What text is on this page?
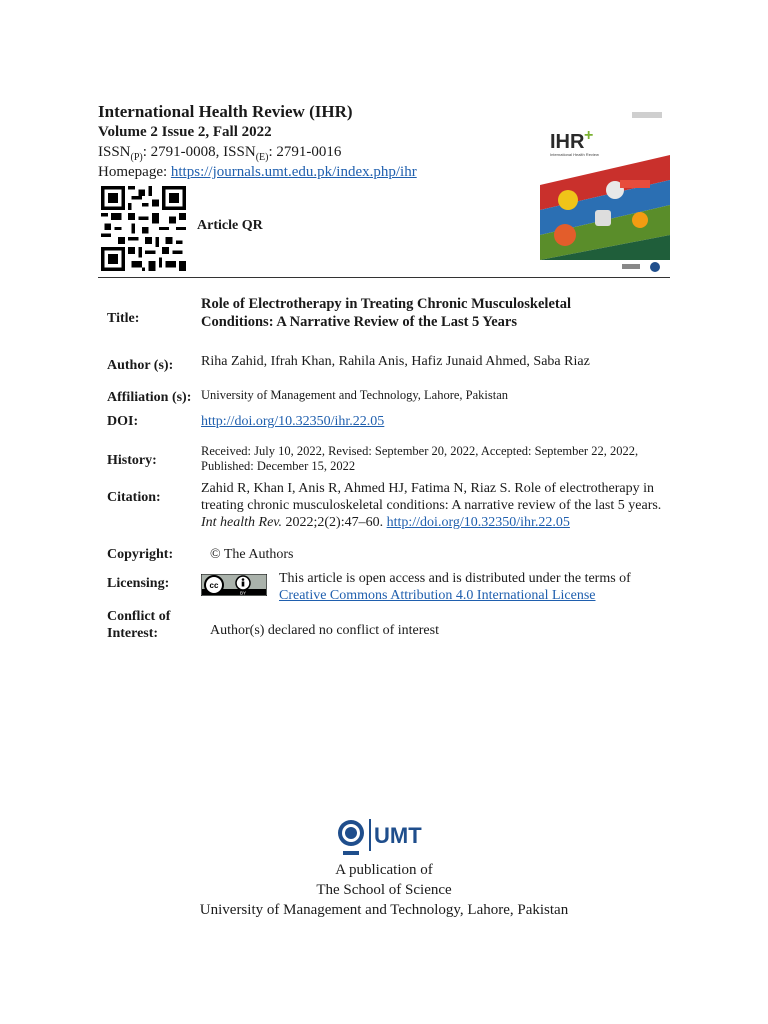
International Health Review (IHR)
Volume 2 Issue 2, Fall 2022
$ISSN_{(P)}$: 2791-0008, $ISSN_{(E)}$: 2791-0016
Homepage: https://journals.umt.edu.pk/index.php/ihr
Article QR
IHR +
International Health Review
Title:
Role of Electrotherapy in Treating Chronic Musculoskeletal
Conditions: A Narrative Review of the Last 5 Years
Author (s): Riha Zahid, Ifrah Khan, Rahila Anis, Hafiz Junaid Ahmed, Saba Riaz
Affiliation (s): University of Management and Technology, Lahore, Pakistan
DOI:	http://doi.org/10.32350/ihr.22.05
History:
Received: July 10, 2022, Revised: September 20, 2022, Accepted: September 22, 2022,
Published: December 15, 2022
Citation:
Zahid R, Khan I, Anis R, Ahmed HJ, Fatima N, Riaz S. Role of electrotherapy in
treating chronic musculoskeletal conditions: A narrative review of the last 5 years.
Int health Rev. 2022;2(2):47–60. http://doi.org/10.32350/ihr.22.05
Copyright:	© The Authors
Licensing:	cc
BY
This article is open access and is distributed under the terms of
Creative Commons Attribution 4.0 International License
Conflict of
Interest:	Author(s) declared no conflict of interest
UMT
A publication of
The School of Science
University of Management and Technology, Lahore, Pakistan
